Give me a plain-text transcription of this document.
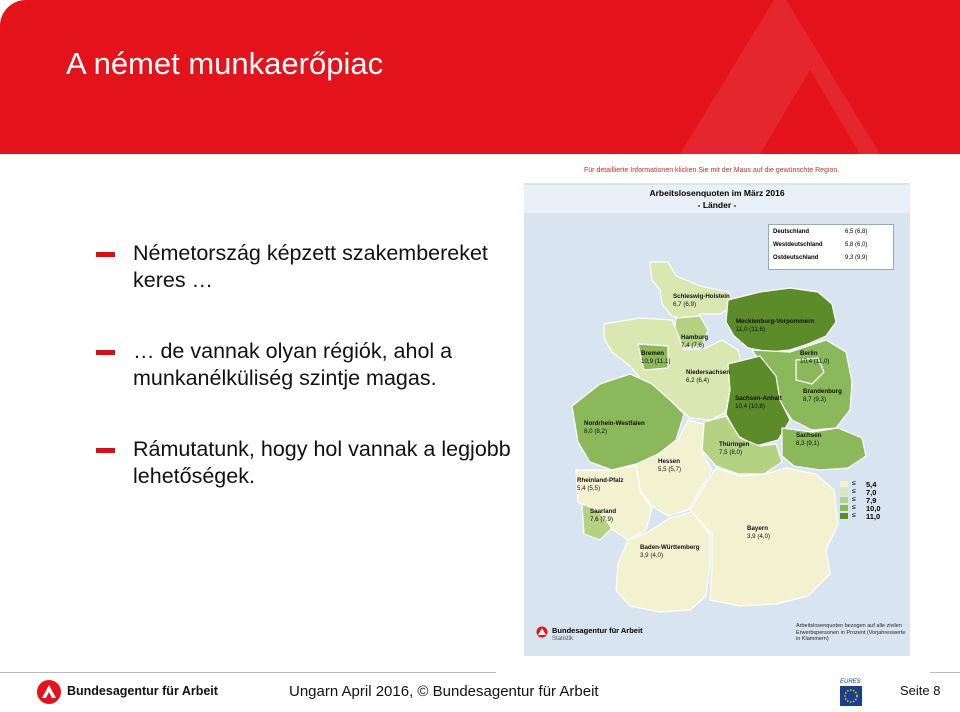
A német munkaerőpiac
Németország képzett szakembereket keres …
… de vannak olyan régiók, ahol a munkanélküliség szintje magas.
Rámutatunk, hogy hol vannak a legjobb lehetőségek.
Für detaillierte Informationen klicken Sie mit der Maus auf die gewünschte Region.
Arbeitslosenquoten im März 2016
- Länder -
Deutschland	6,5 (6,8)
Westdeutschland	5,8 (6,0)
Ostdeutschland	9,3 (9,9)
Schleswig-Holstein
6,7 (6,9)
Mecklenburg-Vorpommern
11,0 (11,6)
Hamburg
7,4 (7,6)
Bremen
10,9 (11,1)
Niedersachsen
6,2 (6,4)
Berlin
10,4 (11,0)
Brandenburg
8,7 (9,3)
Sachsen-Anhalt
10,4 (10,8)
Nordrhein-Westfalen
8,0 (8,2)
Thüringen
7,5 (8,0)
Sachsen
8,3 (9,1)
Hessen
5,5 (5,7)
Rheinland-Pfalz
5,4 (5,5)
Saarland
7,6 (7,9)
Baden-Württemberg
3,9 (4,0)
Bayern
3,9 (4,0)
≤ 5,4
≤ 7,0
≤ 7,9
≤ 10,0
≤ 11,0
Arbeitslosenquoten bezogen auf alle zivilen Erwerbspersonen in Prozent (Vorjahreswerte in Klammern)
Bundesagentur für Arbeit
Statistik
Bundesagentur für Arbeit	Ungarn April 2016, © Bundesagentur für Arbeit
EURES
Seite 8
